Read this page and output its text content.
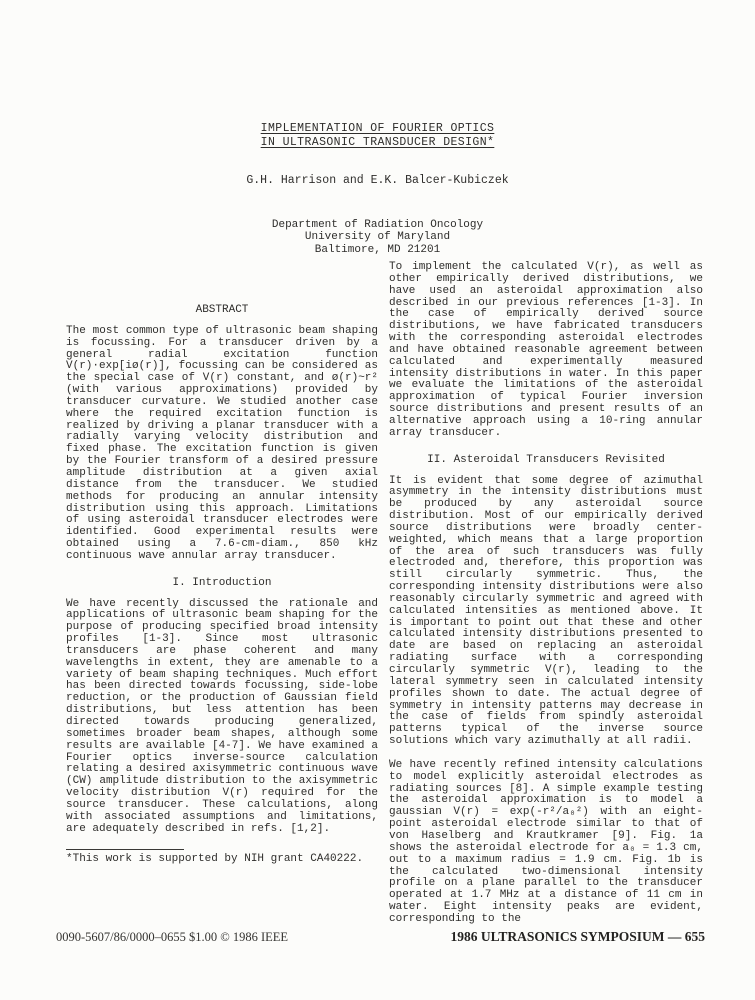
IMPLEMENTATION OF FOURIER OPTICS
IN ULTRASONIC TRANSDUCER DESIGN*
G.H. Harrison and E.K. Balcer-Kubiczek
Department of Radiation Oncology
University of Maryland
Baltimore, MD 21201
ABSTRACT

The most common type of ultrasonic beam shaping is focussing. For a transducer driven by a general radial excitation function V(r)·exp[iø(r)], focussing can be considered as the special case of V(r) constant, and ø(r)~r² (with various approximations) provided by transducer curvature. We studied another case where the required excitation function is realized by driving a planar transducer with a radially varying velocity distribution and fixed phase. The excitation function is given by the Fourier transform of a desired pressure amplitude distribution at a given axial distance from the transducer. We studied methods for producing an annular intensity distribution using this approach. Limitations of using asteroidal transducer electrodes were identified. Good experimental results were obtained using a 7.6-cm-diam., 850 kHz continuous wave annular array transducer.

I. Introduction

We have recently discussed the rationale and applications of ultrasonic beam shaping for the purpose of producing specified broad intensity profiles [1-3]. Since most ultrasonic transducers are phase coherent and many wavelengths in extent, they are amenable to a variety of beam shaping techniques. Much effort has been directed towards focussing, side-lobe reduction, or the production of Gaussian field distributions, but less attention has been directed towards producing generalized, sometimes broader beam shapes, although some results are available [4-7]. We have examined a Fourier optics inverse-source calculation relating a desired axisymmetric continuous wave (CW) amplitude distribution to the axisymmetric velocity distribution V(r) required for the source transducer. These calculations, along with associated assumptions and limitations, are adequately described in refs. [1,2].

To implement the calculated V(r), as well as other empirically derived distributions, we have used an asteroidal approximation also described in our previous references [1-3]. In the case of empirically derived source distributions, we have fabricated transducers with the corresponding asteroidal electrodes and have obtained reasonable agreement between calculated and experimentally measured intensity distributions in water. In this paper we evaluate the limitations of the asteroidal approximation of typical Fourier inversion source distributions and present results of an alternative approach using a 10-ring annular array transducer.

II. Asteroidal Transducers Revisited

It is evident that some degree of azimuthal asymmetry in the intensity distributions must be produced by any asteroidal source distribution. Most of our empirically derived source distributions were broadly center-weighted, which means that a large proportion of the area of such transducers was fully electroded and, therefore, this proportion was still circularly symmetric. Thus, the corresponding intensity distributions were also reasonably circularly symmetric and agreed with calculated intensities as mentioned above. It is important to point out that these and other calculated intensity distributions presented to date are based on replacing an asteroidal radiating surface with a corresponding circularly symmetric V(r), leading to the lateral symmetry seen in calculated intensity profiles shown to date. The actual degree of symmetry in intensity patterns may decrease in the case of fields from spindly asteroidal patterns typical of the inverse source solutions which vary azimuthally at all radii.

We have recently refined intensity calculations to model explicitly asteroidal electrodes as radiating sources [8]. A simple example testing the asteroidal approximation is to model a gaussian V(r) = exp(-r²/a₀²) with an eight-point asteroidal electrode similar to that of von Haselberg and Krautkramer [9]. Fig. 1a shows the asteroidal electrode for a₀ = 1.3 cm, out to a maximum radius = 1.9 cm. Fig. 1b is the calculated two-dimensional intensity profile on a plane parallel to the transducer operated at 1.7 MHz at a distance of 11 cm in water. Eight intensity peaks are evident, corresponding to the

*This work is supported by NIH grant CA40222.
0090-5607/86/0000–0655 $1.00 © 1986 IEEE	1986 ULTRASONICS SYMPOSIUM — 655
